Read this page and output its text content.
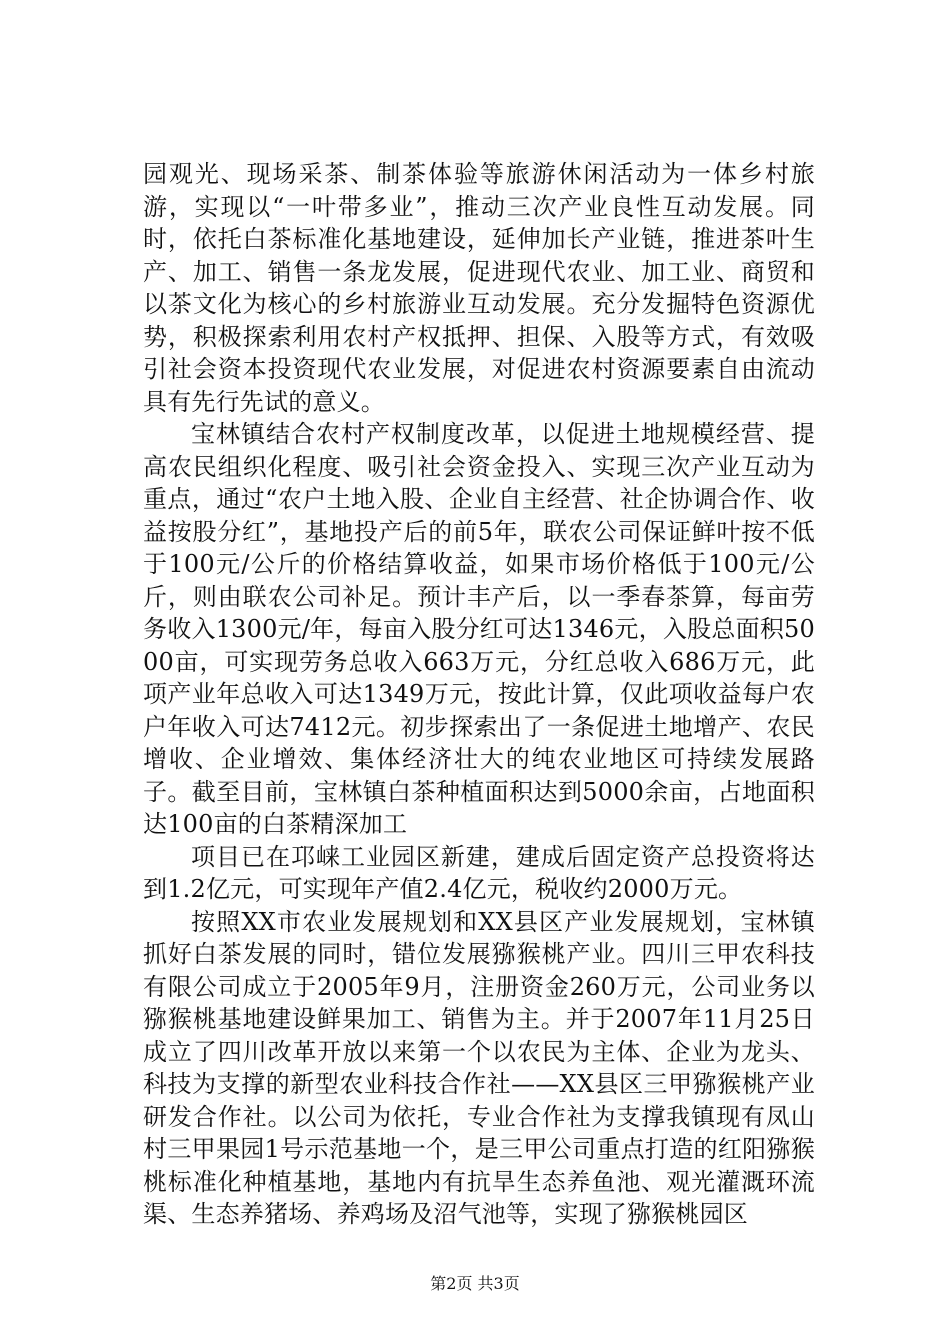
园观光、现场采茶、制茶体验等旅游休闲活动为一体乡村旅游，实现以“一叶带多业”，推动三次产业良性互动发展。同时，依托白茶标准化基地建设，延伸加长产业链，推进茶叶生产、加工、销售一条龙发展，促进现代农业、加工业、商贸和以茶文化为核心的乡村旅游业互动发展。充分发掘特色资源优势，积极探索利用农村产权抵押、担保、入股等方式，有效吸引社会资本投资现代农业发展，对促进农村资源要素自由流动具有先行先试的意义。

宝林镇结合农村产权制度改革，以促进土地规模经营、提高农民组织化程度、吸引社会资金投入、实现三次产业互动为重点，通过“农户土地入股、企业自主经营、社企协调合作、收益按股分红”，基地投产后的前5年，联农公司保证鲜叶按不低于100元/公斤的价格结算收益，如果市场价格低于100元/公斤，则由联农公司补足。预计丰产后，以一季春茶算，每亩劳务收入1300元/年，每亩入股分红可达1346元，入股总面积5000亩，可实现劳务总收入663万元，分红总收入686万元，此项产业年总收入可达1349万元，按此计算，仅此项收益每户农户年收入可达7412元。初步探索出了一条促进土地增产、农民增收、企业增效、集体经济壮大的纯农业地区可持续发展路子。截至目前，宝林镇白茶种植面积达到5000余亩，占地面积达100亩的白茶精深加工

项目已在邛崃工业园区新建，建成后固定资产总投资将达到1.2亿元，可实现年产值2.4亿元，税收约2000万元。

按照XX市农业发展规划和XX县区产业发展规划，宝林镇抓好白茶发展的同时，错位发展猕猴桃产业。四川三甲农科技有限公司成立于2005年9月，注册资金260万元，公司业务以猕猴桃基地建设鲜果加工、销售为主。并于2007年11月25日成立了四川改革开放以来第一个以农民为主体、企业为龙头、科技为支撑的新型农业科技合作社——XX县区三甲猕猴桃产业研发合作社。以公司为依托，专业合作社为支撑我镇现有凤山村三甲果园1号示范基地一个，是三甲公司重点打造的红阳猕猴桃标准化种植基地，基地内有抗旱生态养鱼池、观光灌溉环流渠、生态养猪场、养鸡场及沼气池等，实现了猕猴桃园区

第2页 共3页
